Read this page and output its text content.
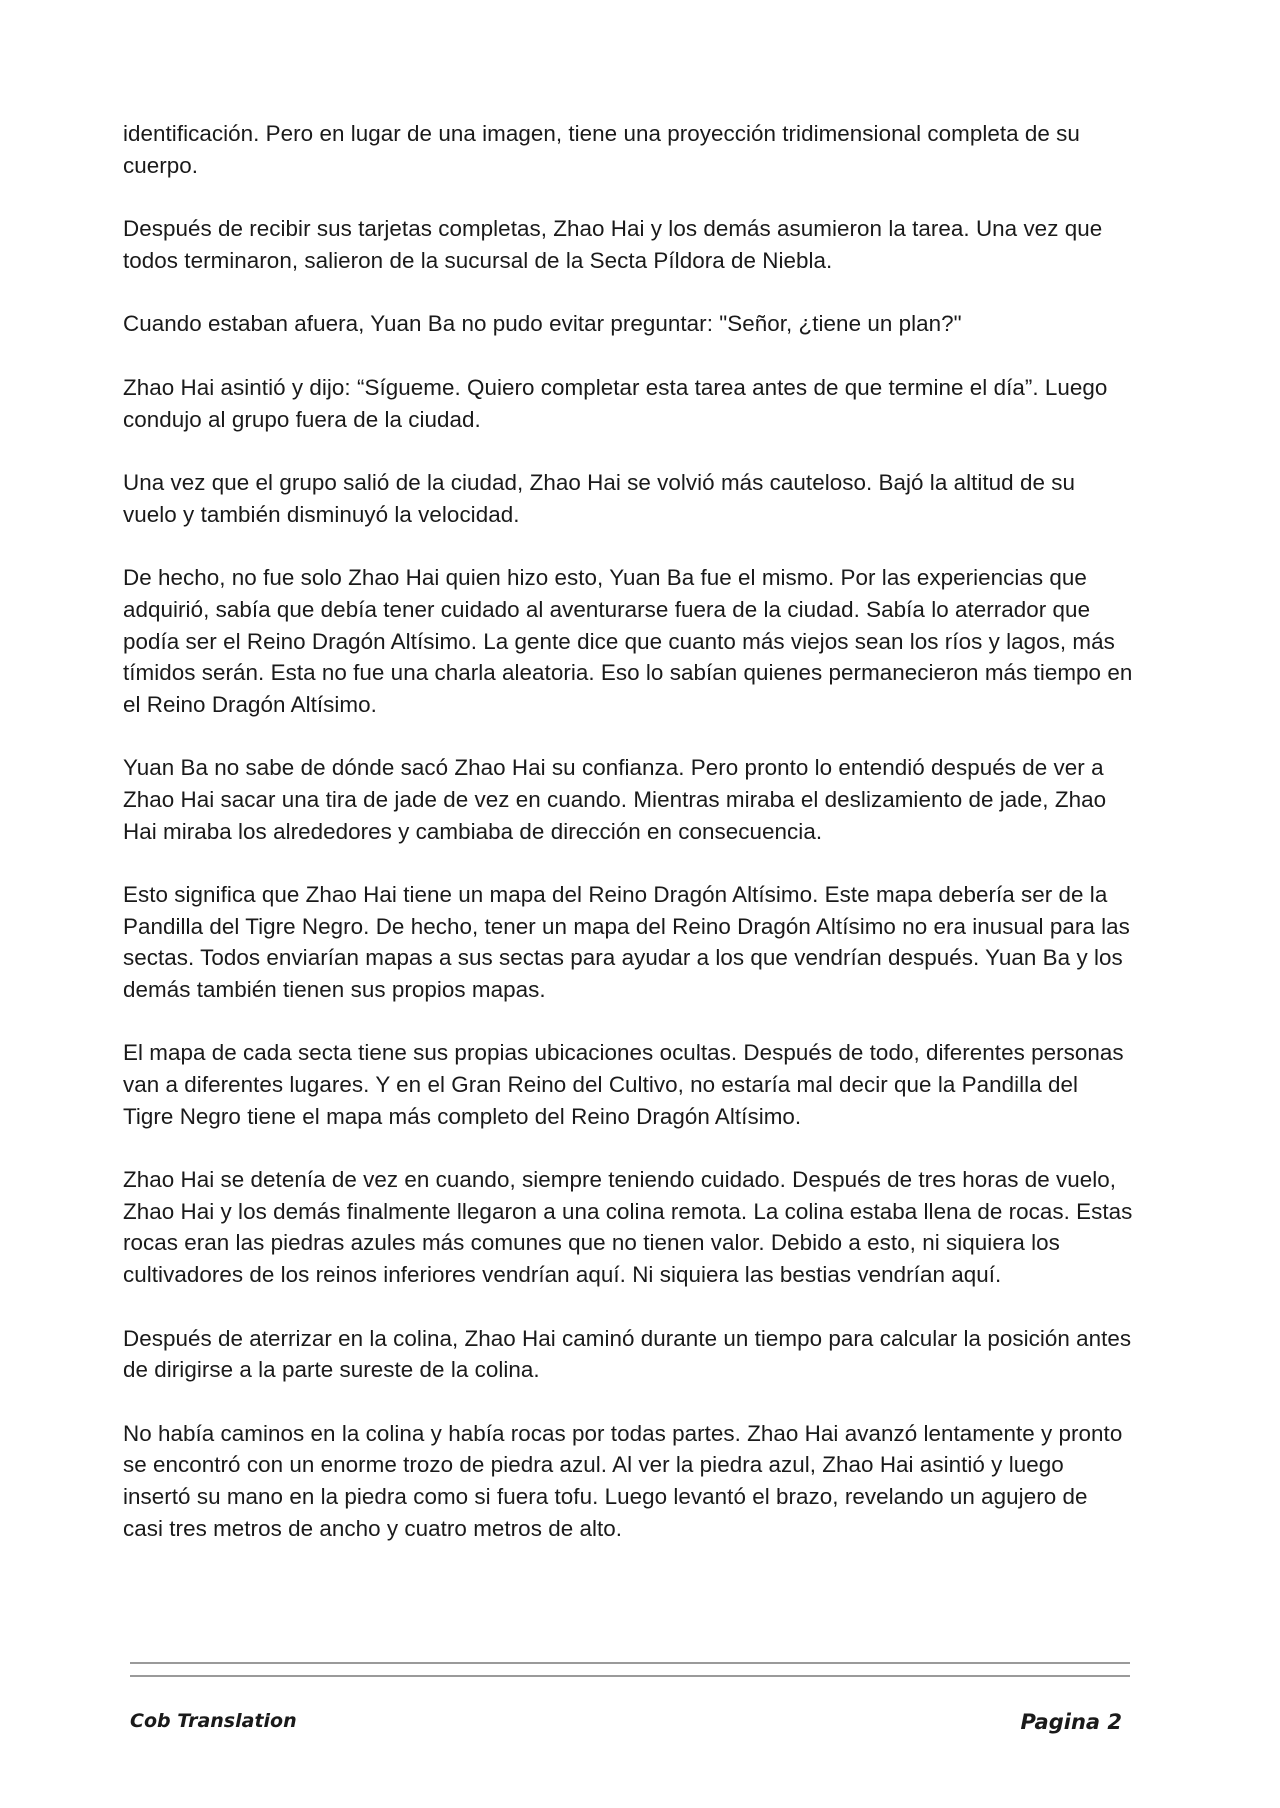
identificación. Pero en lugar de una imagen, tiene una proyección tridimensional completa de su cuerpo.

Después de recibir sus tarjetas completas, Zhao Hai y los demás asumieron la tarea. Una vez que todos terminaron, salieron de la sucursal de la Secta Píldora de Niebla.

Cuando estaban afuera, Yuan Ba no pudo evitar preguntar: "Señor, ¿tiene un plan?"

Zhao Hai asintió y dijo: “Sígueme. Quiero completar esta tarea antes de que termine el día”. Luego condujo al grupo fuera de la ciudad.

Una vez que el grupo salió de la ciudad, Zhao Hai se volvió más cauteloso. Bajó la altitud de su vuelo y también disminuyó la velocidad.

De hecho, no fue solo Zhao Hai quien hizo esto, Yuan Ba fue el mismo. Por las experiencias que adquirió, sabía que debía tener cuidado al aventurarse fuera de la ciudad. Sabía lo aterrador que podía ser el Reino Dragón Altísimo. La gente dice que cuanto más viejos sean los ríos y lagos, más tímidos serán. Esta no fue una charla aleatoria. Eso lo sabían quienes permanecieron más tiempo en el Reino Dragón Altísimo.

Yuan Ba no sabe de dónde sacó Zhao Hai su confianza. Pero pronto lo entendió después de ver a Zhao Hai sacar una tira de jade de vez en cuando. Mientras miraba el deslizamiento de jade, Zhao Hai miraba los alrededores y cambiaba de dirección en consecuencia.

Esto significa que Zhao Hai tiene un mapa del Reino Dragón Altísimo. Este mapa debería ser de la Pandilla del Tigre Negro. De hecho, tener un mapa del Reino Dragón Altísimo no era inusual para las sectas. Todos enviarían mapas a sus sectas para ayudar a los que vendrían después. Yuan Ba y los demás también tienen sus propios mapas.

El mapa de cada secta tiene sus propias ubicaciones ocultas. Después de todo, diferentes personas van a diferentes lugares. Y en el Gran Reino del Cultivo, no estaría mal decir que la Pandilla del Tigre Negro tiene el mapa más completo del Reino Dragón Altísimo.

Zhao Hai se detenía de vez en cuando, siempre teniendo cuidado. Después de tres horas de vuelo, Zhao Hai y los demás finalmente llegaron a una colina remota. La colina estaba llena de rocas. Estas rocas eran las piedras azules más comunes que no tienen valor. Debido a esto, ni siquiera los cultivadores de los reinos inferiores vendrían aquí. Ni siquiera las bestias vendrían aquí.

Después de aterrizar en la colina, Zhao Hai caminó durante un tiempo para calcular la posición antes de dirigirse a la parte sureste de la colina.

No había caminos en la colina y había rocas por todas partes. Zhao Hai avanzó lentamente y pronto se encontró con un enorme trozo de piedra azul. Al ver la piedra azul, Zhao Hai asintió y luego insertó su mano en la piedra como si fuera tofu. Luego levantó el brazo, revelando un agujero de casi tres metros de ancho y cuatro metros de alto.

Cob Translation	Pagina 2
